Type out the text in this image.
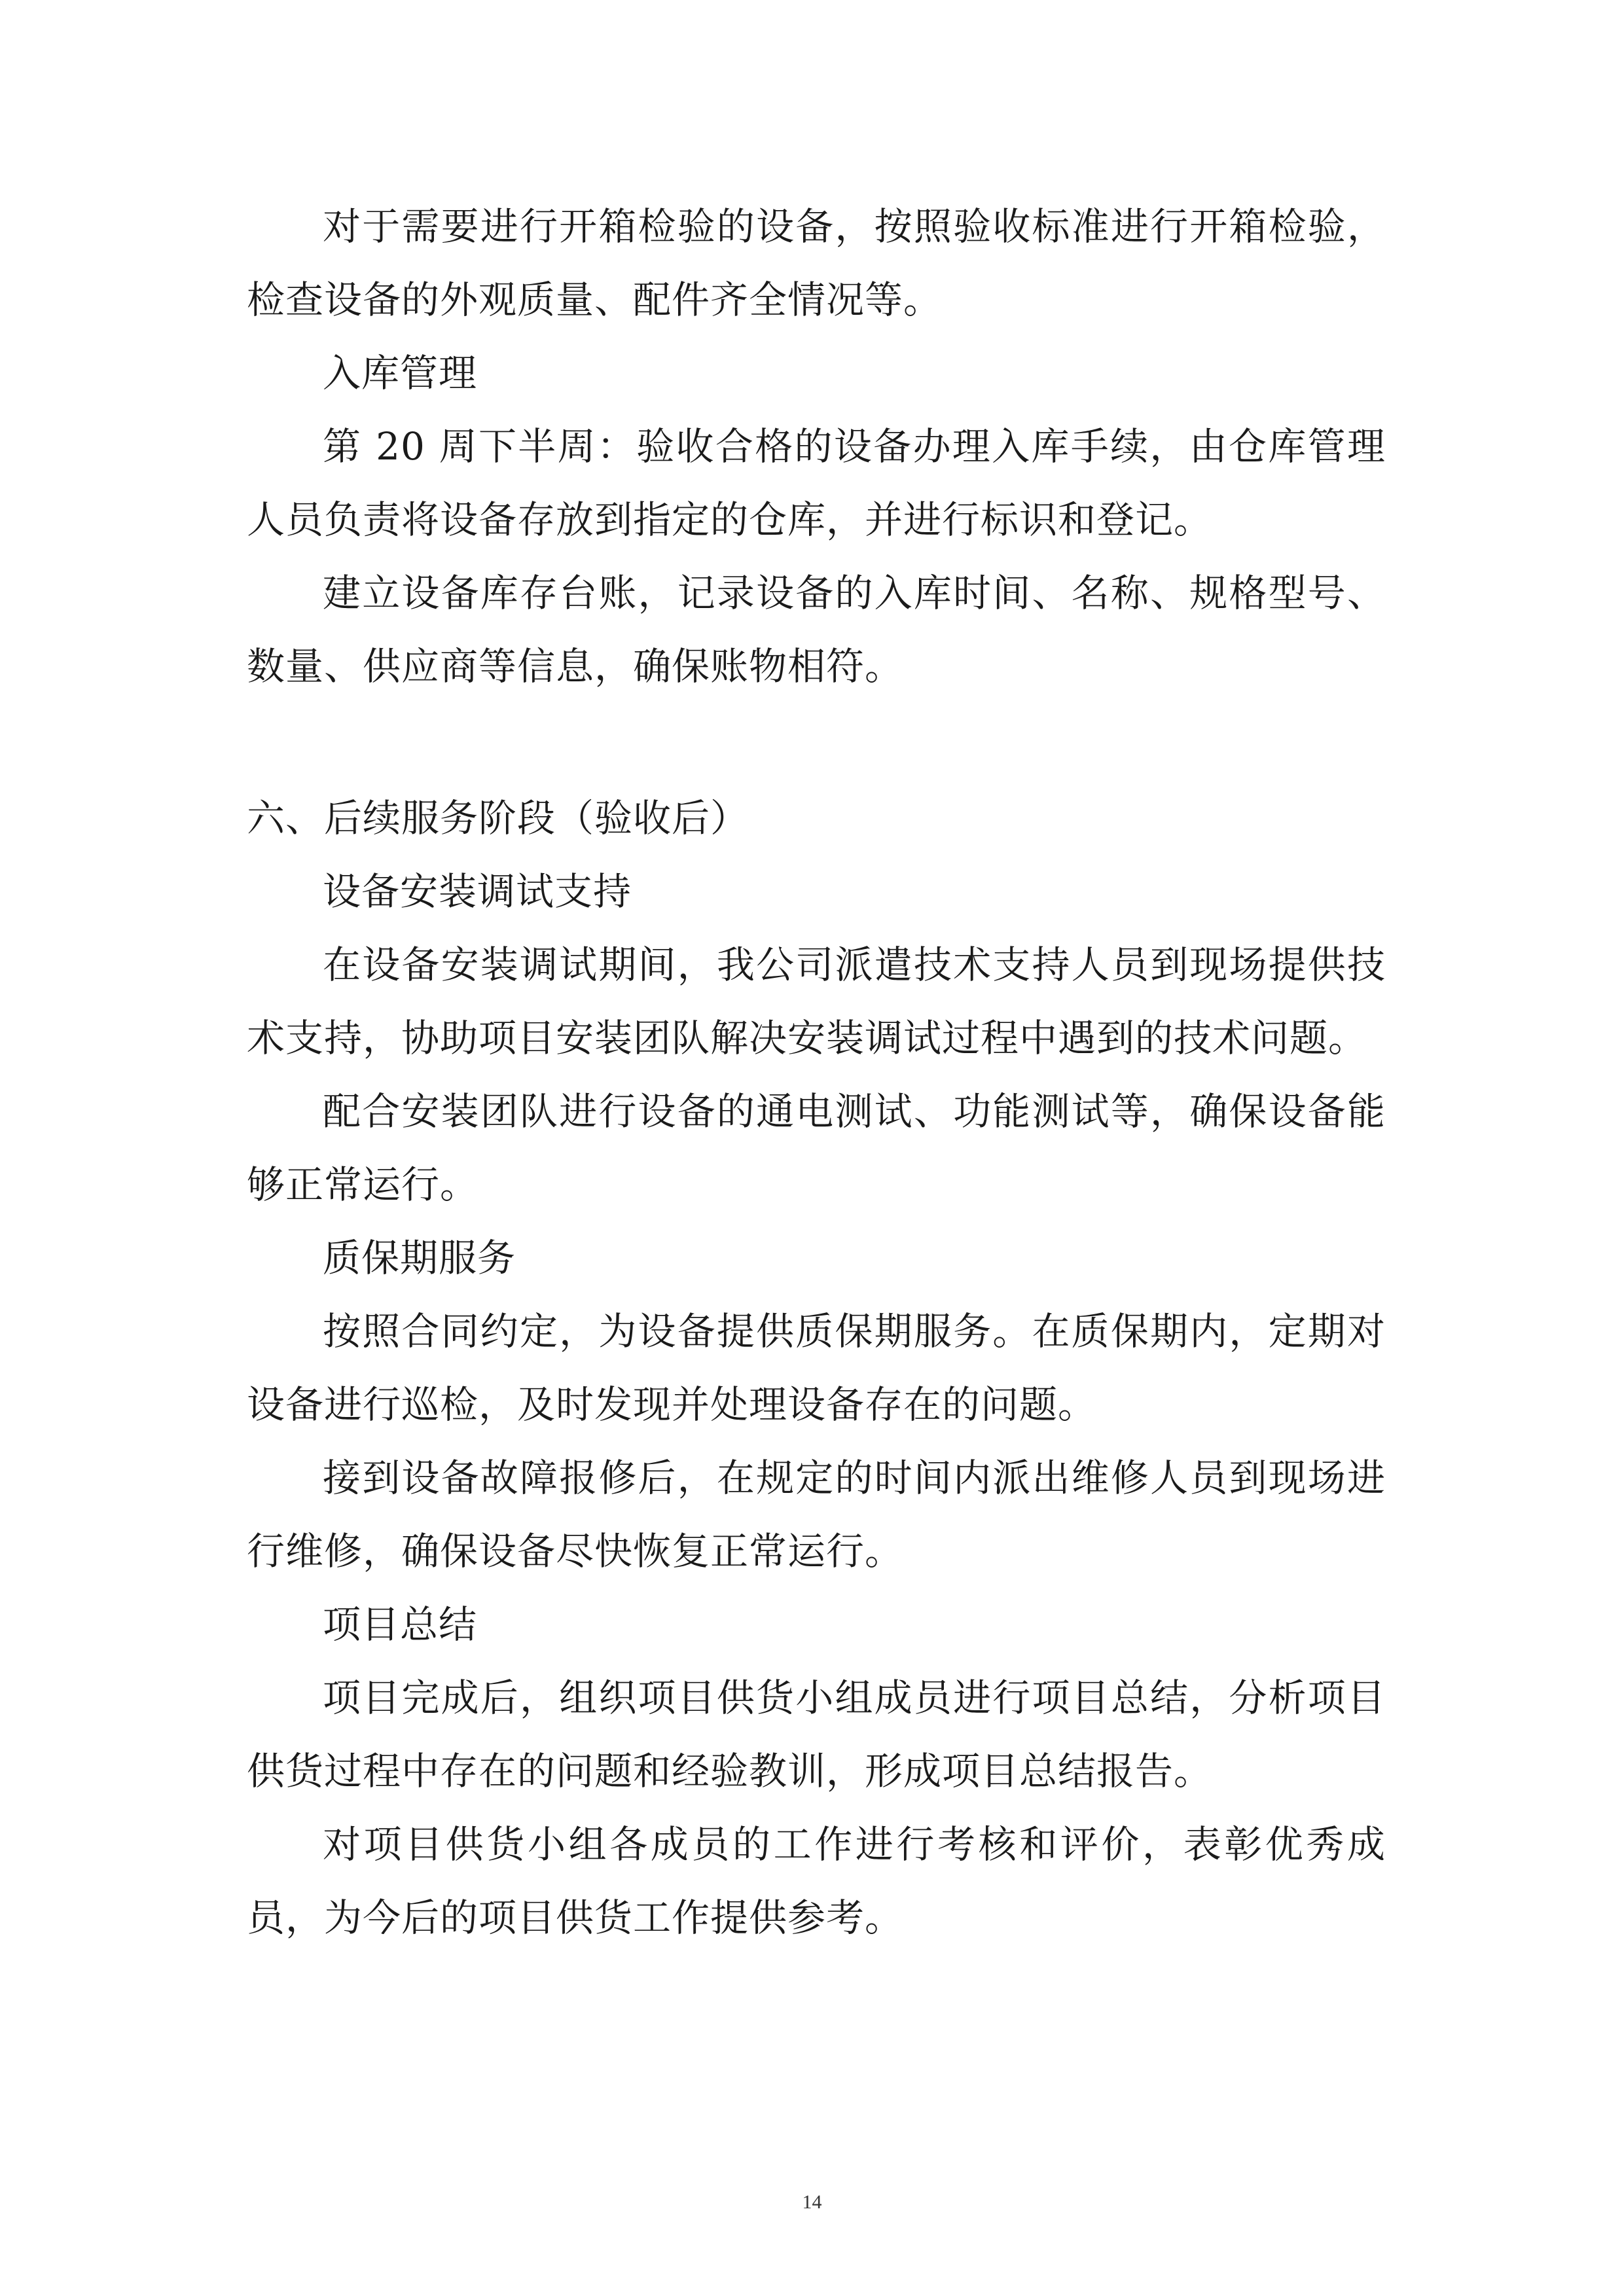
对于需要进行开箱检验的设备，按照验收标准进行开箱检验，检查设备的外观质量、配件齐全情况等。

入库管理

第 20 周下半周：验收合格的设备办理入库手续，由仓库管理人员负责将设备存放到指定的仓库，并进行标识和登记。

建立设备库存台账，记录设备的入库时间、名称、规格型号、数量、供应商等信息，确保账物相符。

六、后续服务阶段（验收后）

设备安装调试支持

在设备安装调试期间，我公司派遣技术支持人员到现场提供技术支持，协助项目安装团队解决安装调试过程中遇到的技术问题。

配合安装团队进行设备的通电测试、功能测试等，确保设备能够正常运行。

质保期服务

按照合同约定，为设备提供质保期服务。在质保期内，定期对设备进行巡检，及时发现并处理设备存在的问题。

接到设备故障报修后，在规定的时间内派出维修人员到现场进行维修，确保设备尽快恢复正常运行。

项目总结

项目完成后，组织项目供货小组成员进行项目总结，分析项目供货过程中存在的问题和经验教训，形成项目总结报告。

对项目供货小组各成员的工作进行考核和评价，表彰优秀成员，为今后的项目供货工作提供参考。

14
